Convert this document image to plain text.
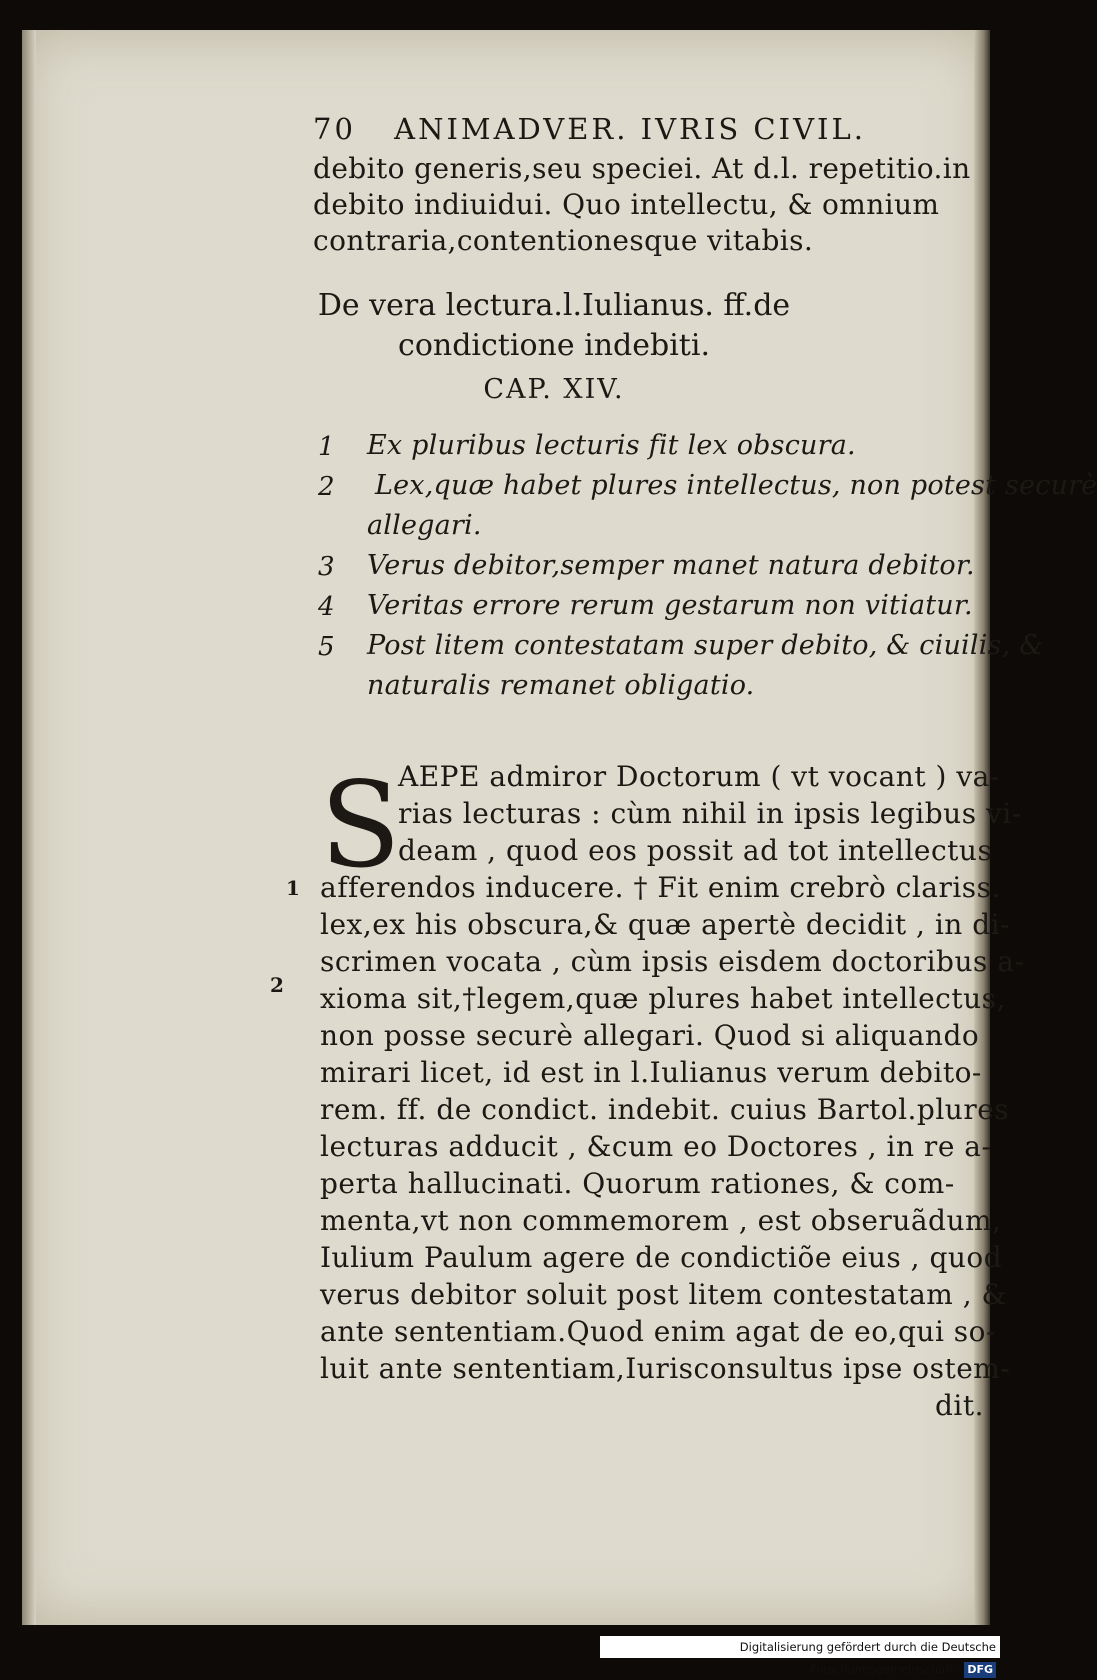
70 ANIMADVER. IVRIS CIVIL.
debito generis,seu speciei. At d.l. repetitio.in
debito indiuidui. Quo intellectu, & omnium
contraria,contentionesque vitabis.
De vera lectura.l.Iulianus. ff.de
condictione indebiti.
CAP. XIV.
1 Ex pluribus lecturis fit lex obscura.
2 Lex,quæ habet plures intellectus, non potest securè
allegari.
3 Verus debitor,semper manet natura debitor.
4 Veritas errore rerum gestarum non vitiatur.
5 Post litem contestatam super debito, & ciuilis, &
naturalis remanet obligatio.
S
AEPE admiror Doctorum ( vt vocant ) va-
rias lecturas : cùm nihil in ipsis legibus vi-
deam , quod eos possit ad tot intellectus
afferendos inducere. † Fit enim crebrò clariss.
lex,ex his obscura,& quæ apertè decidit , in di-
scrimen vocata , cùm ipsis eisdem doctoribus a-
xioma sit,†legem,quæ plures habet intellectus,
non posse securè allegari. Quod si aliquando
mirari licet, id est in l.Iulianus verum debito-
rem. ff. de condict. indebit. cuius Bartol.plures
lecturas adducit , &cum eo Doctores , in re a-
perta hallucinati. Quorum rationes, & com-
menta,vt non commemorem , est obseruãdum,
Iulium Paulum agere de condictiõe eius , quod
verus debitor soluit post litem contestatam , &
ante sententiam.Quod enim agat de eo,qui so-
luit ante sententiam,Iurisconsultus ipse ostem-
dit.
1
2
Digitalisierung gefördert durch die Deutsche Forschungsgemeinschaft - DFG
